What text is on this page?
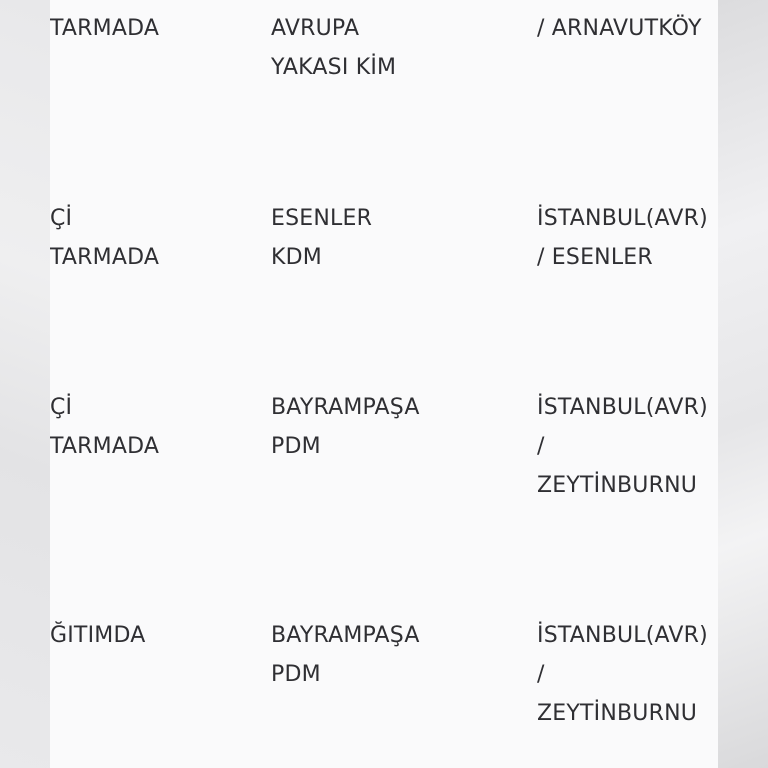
TARMADA	AVRUPA
YAKASI KİM
/ ARNAVUTKÖY
Çİ
TARMADA
ESENLER
KDM
İSTANBUL(AVR)
/ ESENLER
Çİ
TARMADA
BAYRAMPAŞA
PDM
İSTANBUL(AVR)
/
ZEYTİNBURNU
ĞITIMDA	BAYRAMPAŞA
PDM
İSTANBUL(AVR)
/
ZEYTİNBURNU
